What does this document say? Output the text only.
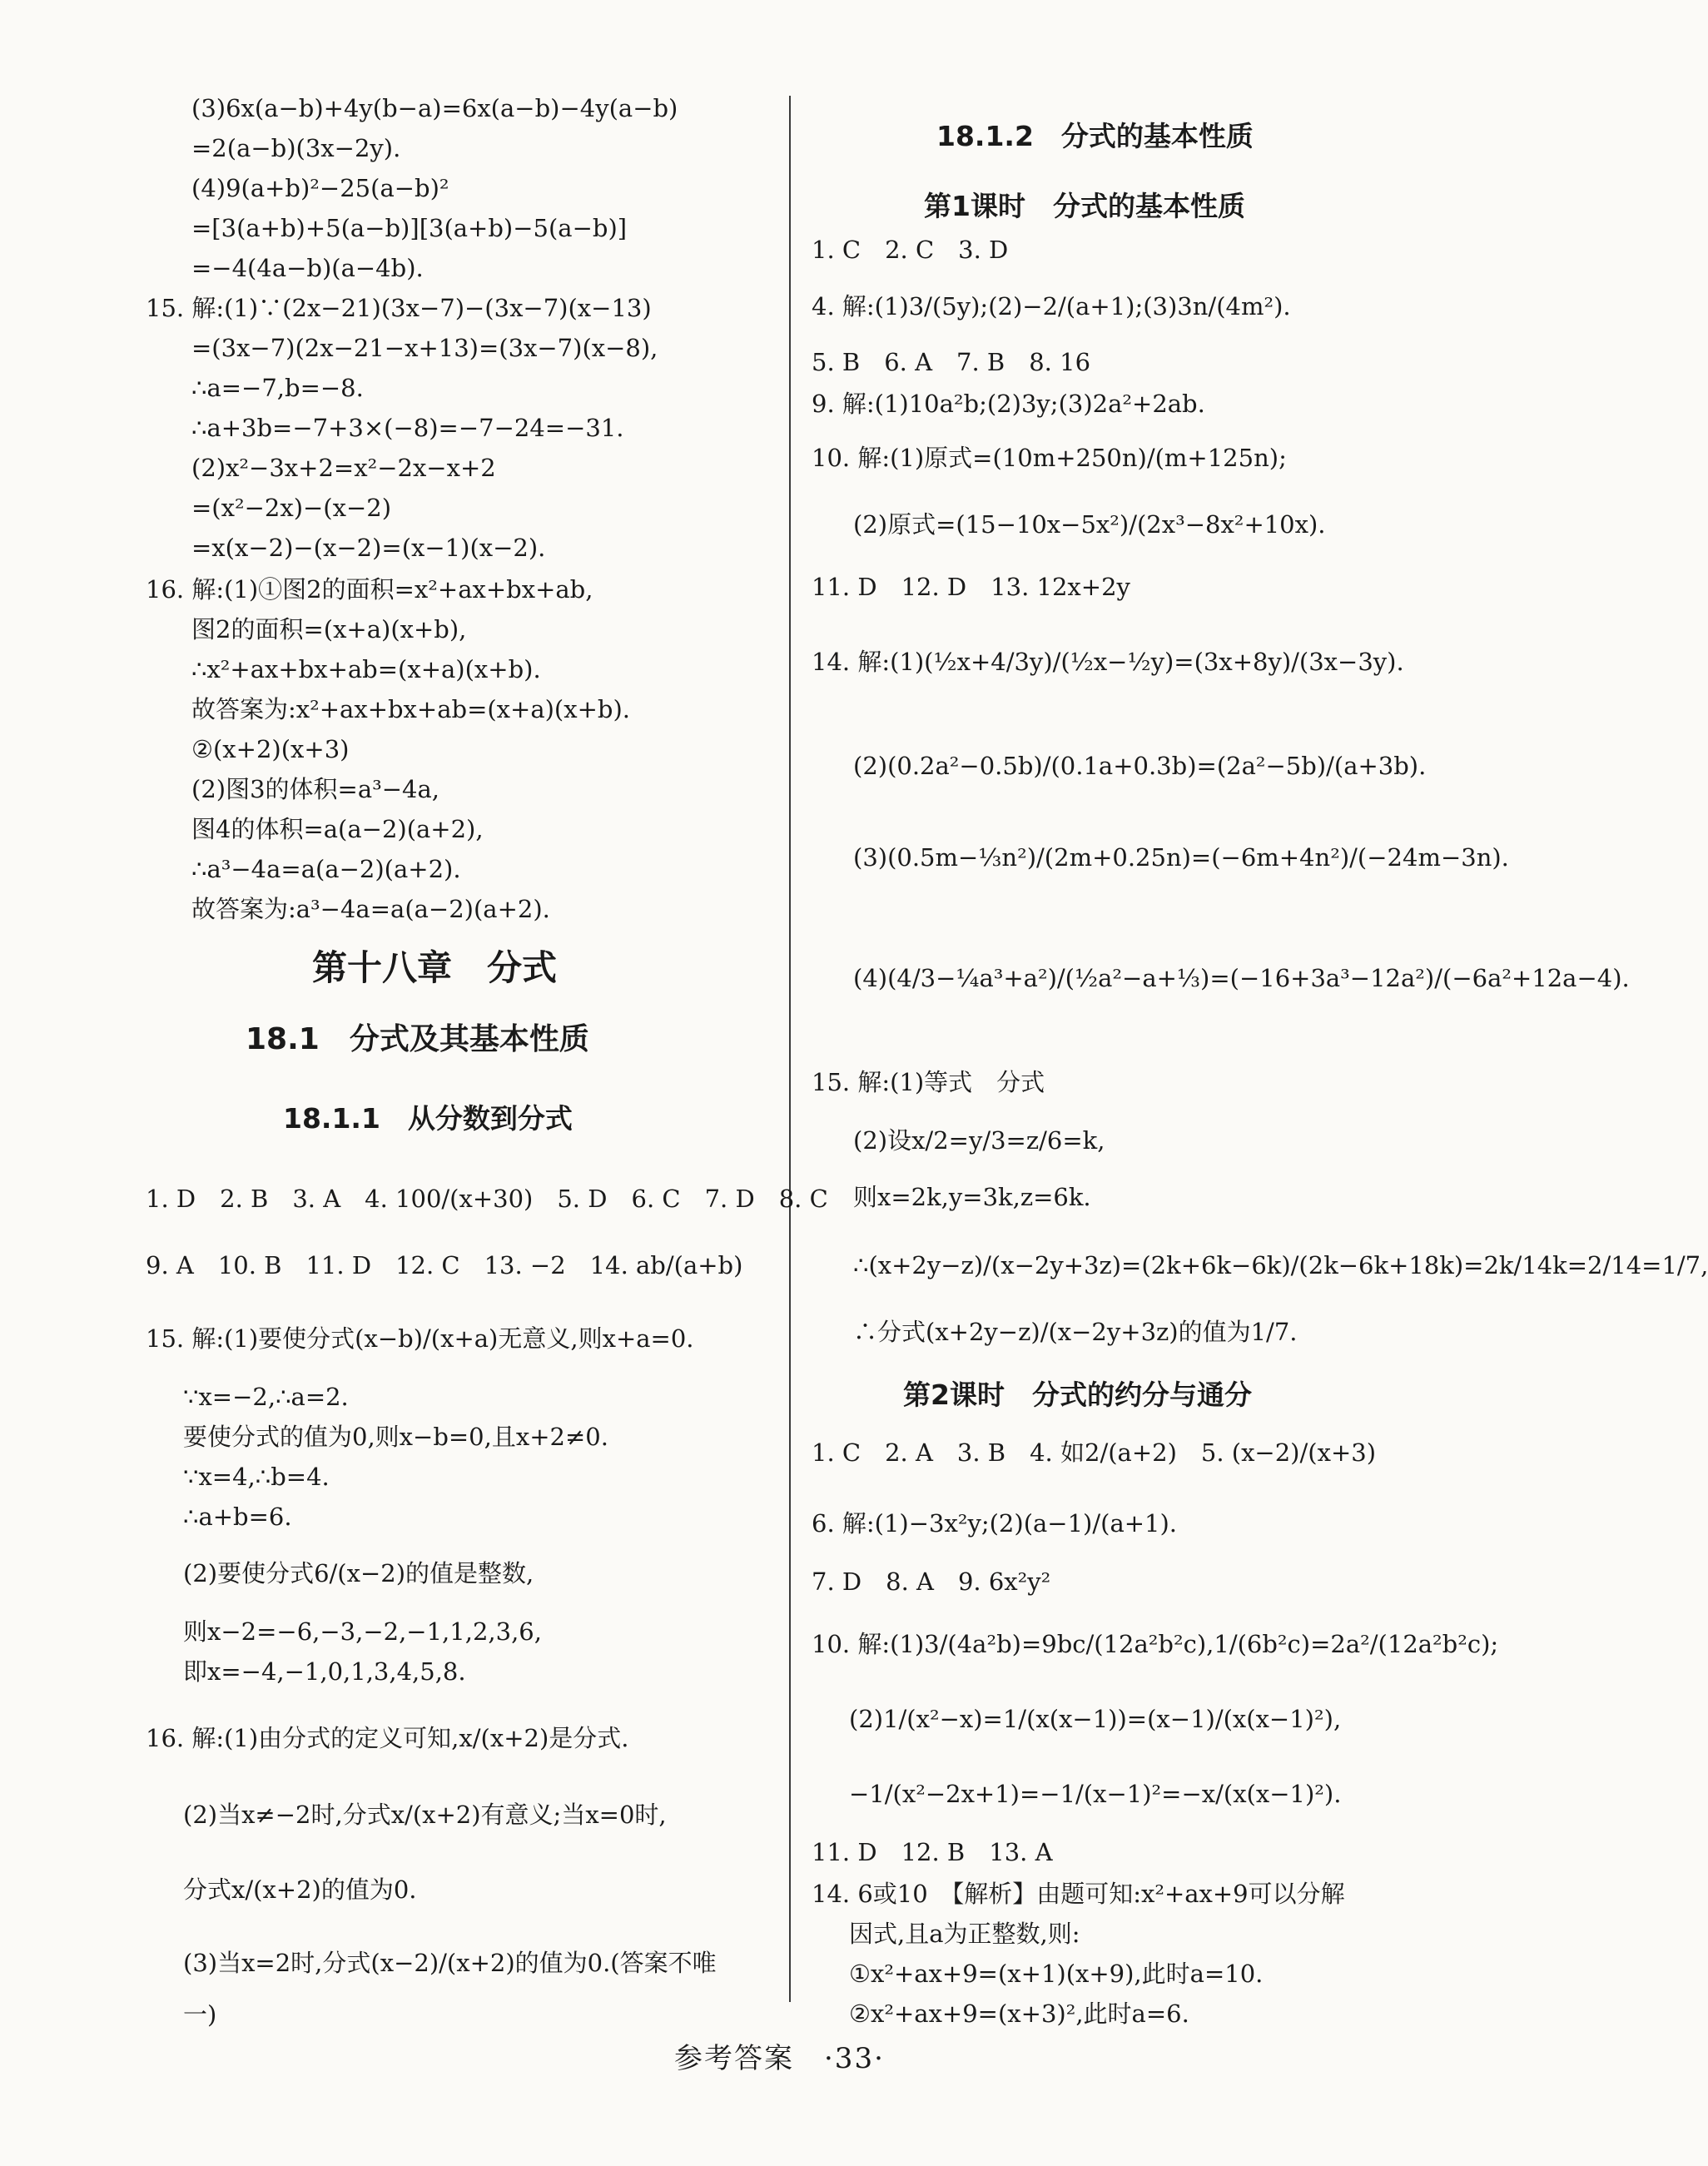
(3)6x(a−b)+4y(b−a)=6x(a−b)−4y(a−b)
=2(a−b)(3x−2y).
(4)9(a+b)²−25(a−b)²
=[3(a+b)+5(a−b)][3(a+b)−5(a−b)]
=−4(4a−b)(a−4b).
15. 解:(1)∵(2x−21)(3x−7)−(3x−7)(x−13)
=(3x−7)(2x−21−x+13)=(3x−7)(x−8),
∴a=−7,b=−8.
∴a+3b=−7+3×(−8)=−7−24=−31.
(2)x²−3x+2=x²−2x−x+2
=(x²−2x)−(x−2)
=x(x−2)−(x−2)=(x−1)(x−2).
16. 解:(1)①图2的面积=x²+ax+bx+ab,
图2的面积=(x+a)(x+b),
∴x²+ax+bx+ab=(x+a)(x+b).
故答案为:x²+ax+bx+ab=(x+a)(x+b).
②(x+2)(x+3)
(2)图3的体积=a³−4a,
图4的体积=a(a−2)(a+2),
∴a³−4a=a(a−2)(a+2).
故答案为:a³−4a=a(a−2)(a+2).
第十八章　分式
18.1　分式及其基本性质
18.1.1　从分数到分式
1. D　2. B　3. A　4. 100/(x+30)　5. D　6. C　7. D　8. C
9. A　10. B　11. D　12. C　13. −2　14. ab/(a+b)
15. 解:(1)要使分式(x−b)/(x+a)无意义,则x+a=0.
∵x=−2,∴a=2.
要使分式的值为0,则x−b=0,且x+2≠0.
∵x=4,∴b=4.
∴a+b=6.
(2)要使分式6/(x−2)的值是整数,
则x−2=−6,−3,−2,−1,1,2,3,6,
即x=−4,−1,0,1,3,4,5,8.
16. 解:(1)由分式的定义可知,x/(x+2)是分式.
(2)当x≠−2时,分式x/(x+2)有意义;当x=0时,
分式x/(x+2)的值为0.
(3)当x=2时,分式(x−2)/(x+2)的值为0.(答案不唯
一)
18.1.2　分式的基本性质
第1课时　分式的基本性质
1. C　2. C　3. D
4. 解:(1)3/(5y);(2)−2/(a+1);(3)3n/(4m²).
5. B　6. A　7. B　8. 16
9. 解:(1)10a²b;(2)3y;(3)2a²+2ab.
10. 解:(1)原式=(10m+250n)/(m+125n);
(2)原式=(15−10x−5x²)/(2x³−8x²+10x).
11. D　12. D　13. 12x+2y
14. 解:(1)(½x+4/3y)/(½x−½y)=(3x+8y)/(3x−3y).
(2)(0.2a²−0.5b)/(0.1a+0.3b)=(2a²−5b)/(a+3b).
(3)(0.5m−⅓n²)/(2m+0.25n)=(−6m+4n²)/(−24m−3n).
(4)(4/3−¼a³+a²)/(½a²−a+⅓)=(−16+3a³−12a²)/(−6a²+12a−4).
15. 解:(1)等式　分式
(2)设x/2=y/3=z/6=k,
则x=2k,y=3k,z=6k.
∴(x+2y−z)/(x−2y+3z)=(2k+6k−6k)/(2k−6k+18k)=2k/14k=2/14=1/7,
∴分式(x+2y−z)/(x−2y+3z)的值为1/7.
第2课时　分式的约分与通分
1. C　2. A　3. B　4. 如2/(a+2)　5. (x−2)/(x+3)
6. 解:(1)−3x²y;(2)(a−1)/(a+1).
7. D　8. A　9. 6x²y²
10. 解:(1)3/(4a²b)=9bc/(12a²b²c),1/(6b²c)=2a²/(12a²b²c);
(2)1/(x²−x)=1/(x(x−1))=(x−1)/(x(x−1)²),
−1/(x²−2x+1)=−1/(x−1)²=−x/(x(x−1)²).
11. D　12. B　13. A
14. 6或10　【解析】由题可知:x²+ax+9可以分解
因式,且a为正整数,则:
①x²+ax+9=(x+1)(x+9),此时a=10.
②x²+ax+9=(x+3)²,此时a=6.
参考答案　·33·
